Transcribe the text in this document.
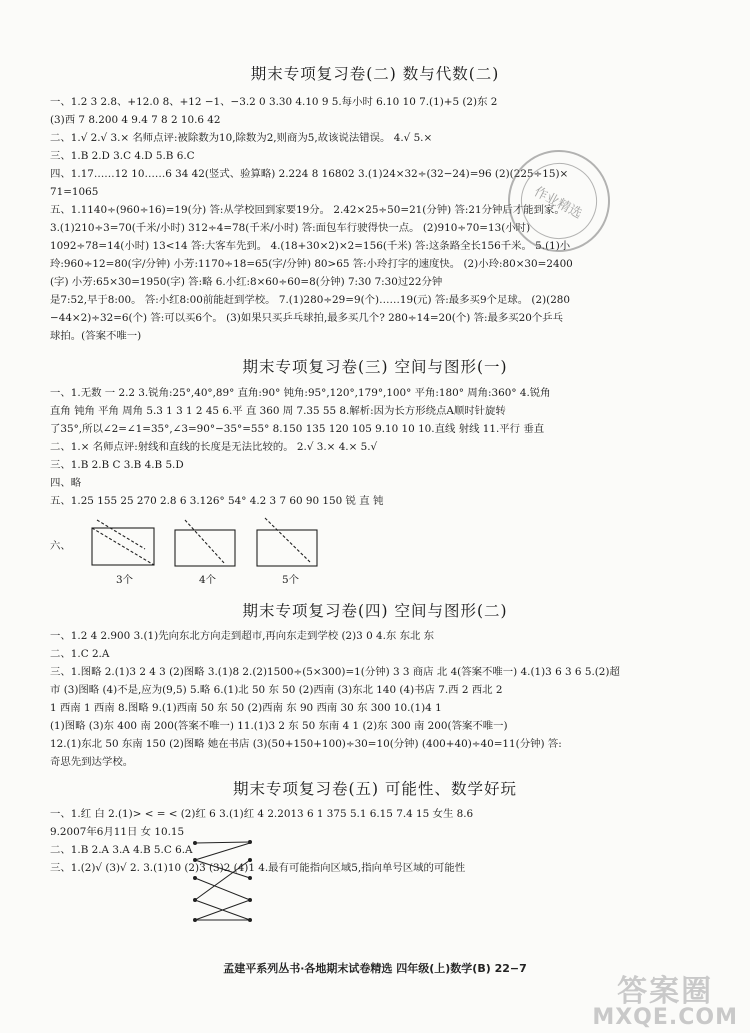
期末专项复习卷(二) 数与代数(二)
一、1.2 3 2.8、+12.0 8、+12 −1、−3.2 0 3.30 4.10 9 5.每小时 6.10 10 7.(1)+5 (2)东 2
(3)西 7 8.200 4 9.4 7 8 2 10.6 42
二、1.√ 2.√ 3.× 名师点评:被除数为10,除数为2,则商为5,故该说法错误。 4.√ 5.×
三、1.B 2.D 3.C 4.D 5.B 6.C
四、1.17……12 10……6 34 42(竖式、验算略) 2.224 8 16802 3.(1)24×32÷(32−24)=96 (2)(225÷15)×
71=1065
五、1.1140÷(960÷16)=19(分) 答:从学校回到家要19分。 2.42×25÷50=21(分钟) 答:21分钟后才能到家。
3.(1)210÷3=70(千米/小时) 312÷4=78(千米/小时) 答:面包车行驶得快一点。 (2)910÷70=13(小时)
1092÷78=14(小时) 13<14 答:大客车先到。 4.(18+30×2)×2=156(千米) 答:这条路全长156千米。 5.(1)小
玲:960÷12=80(字/分钟) 小芳:1170÷18=65(字/分钟) 80>65 答:小玲打字的速度快。 (2)小玲:80×30=2400
(字) 小芳:65×30=1950(字) 答:略 6.小红:8×60÷60=8(分钟) 7:30 7:30过22分钟
是7:52,早于8:00。 答:小红8:00前能赶到学校。 7.(1)280÷29=9(个)……19(元) 答:最多买9个足球。 (2)(280
−44×2)÷32=6(个) 答:可以买6个。 (3)如果只买乒乓球拍,最多买几个? 280÷14=20(个) 答:最多买20个乒乓
球拍。(答案不唯一)
作业精选
期末专项复习卷(三) 空间与图形(一)
一、1.无数 一 2.2 3.锐角:25°,40°,89° 直角:90° 钝角:95°,120°,179°,100° 平角:180° 周角:360° 4.锐角
直角 钝角 平角 周角 5.3 1 3 1 2 45 6.平 直 360 周 7.35 55 8.解析:因为长方形绕点A顺时针旋转
了35°,所以∠2=∠1=35°,∠3=90°−35°=55° 8.150 135 120 105 9.10 10 10.直线 射线 11.平行 垂直
二、1.× 名师点评:射线和直线的长度是无法比较的。 2.√ 3.× 4.× 5.√
三、1.B 2.B C 3.B 4.B 5.D
四、略
五、1.25 155 25 270 2.8 6 3.126° 54° 4.2 3 7 60 90 150 锐 直 钝
六、
3个	4个	5个
期末专项复习卷(四) 空间与图形(二)
一、1.2 4 2.900 3.(1)先向东北方向走到超市,再向东走到学校 (2)3 0 4.东 东北 东
二、1.C 2.A
三、1.图略 2.(1)3 2 4 3 (2)图略 3.(1)8 2.(2)1500÷(5×300)=1(分钟) 3 3 商店 北 4(答案不唯一) 4.(1)3 6 3 6 5.(2)超
市 (3)图略 (4)不是,应为(9,5) 5.略 6.(1)北 50 东 50 (2)西南 (3)东北 140 (4)书店 7.西 2 西北 2
1 西南 1 西南 8.图略 9.(1)西南 50 东 50 (2)西南 东 90 西南 30 东 300 10.(1)4 1
(1)图略 (3)东 400 南 200(答案不唯一) 11.(1)3 2 东 50 东南 4 1 (2)东 300 南 200(答案不唯一)
12.(1)东北 50 东南 150 (2)图略 她在书店 (3)(50+150+100)÷30=10(分钟) (400+40)÷40=11(分钟) 答:
奇思先到达学校。
期末专项复习卷(五) 可能性、数学好玩
一、1.红 白 2.(1)> < = < (2)红 6 3.(1)红 4 2.2013 6 1 375 5.1 6.15 7.4 15 女生 8.6
9.2007年6月11日 女 10.15
二、1.B 2.A 3.A 4.B 5.C 6.A
三、1.(2)√ (3)√ 2. 3.(1)10 (2)3 (3)2 (4)1 4.最有可能指向区域5,指向单号区域的可能性
孟建平系列丛书·各地期末试卷精选 四年级(上)数学(B) 22−7
答案圈
MXQE.COM
